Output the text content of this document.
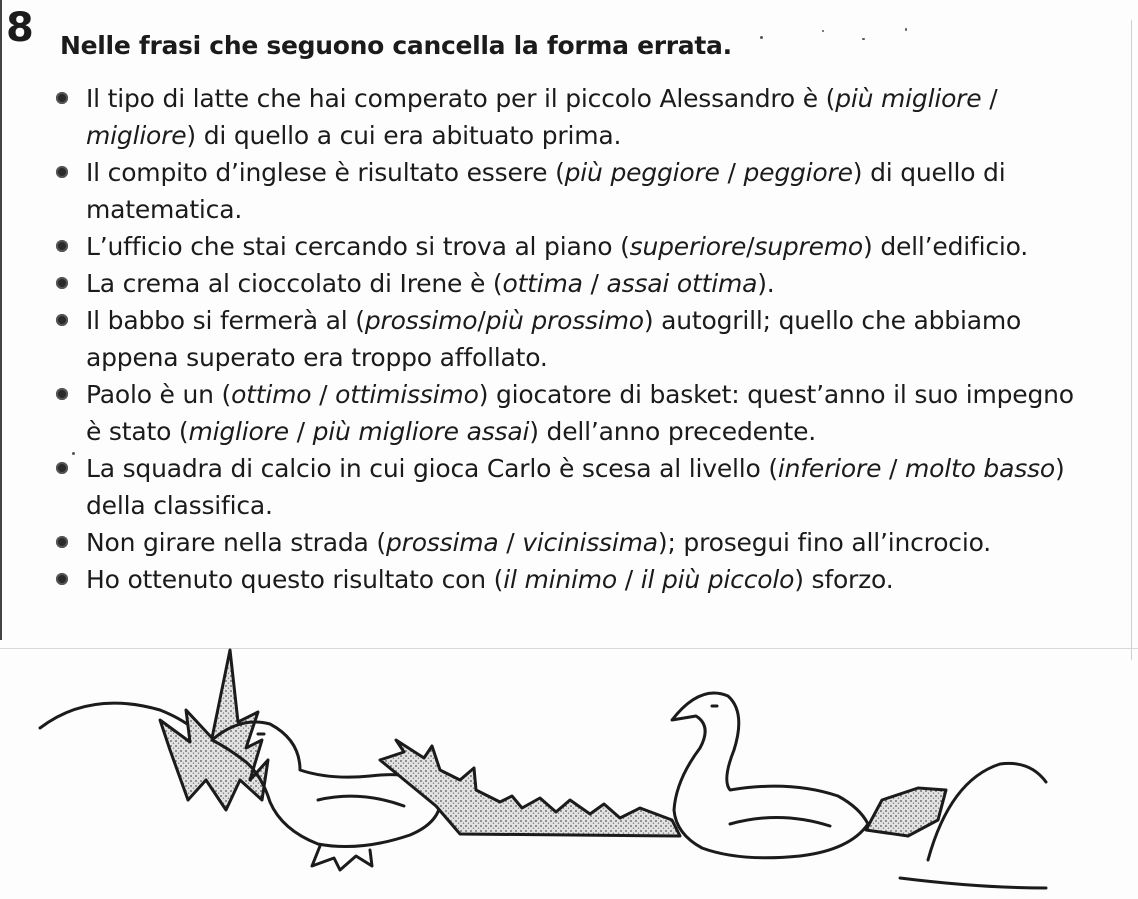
8 Nelle frasi che seguono cancella la forma errata.
Il tipo di latte che hai comperato per il piccolo Alessandro è (più migliore / migliore) di quello a cui era abituato prima.
Il compito d’inglese è risultato essere (più peggiore / peggiore) di quello di matematica.
L’ufficio che stai cercando si trova al piano (superiore/supremo) dell’edificio.
La crema al cioccolato di Irene è (ottima / assai ottima).
Il babbo si fermerà al (prossimo/più prossimo) autogrill; quello che abbiamo appena superato era troppo affollato.
Paolo è un (ottimo / ottimissimo) giocatore di basket: quest’anno il suo impegno è stato (migliore / più migliore assai) dell’anno precedente.
La squadra di calcio in cui gioca Carlo è scesa al livello (inferiore / molto basso) della classifica.
Non girare nella strada (prossima / vicinissima); prosegui fino all’incrocio.
Ho ottenuto questo risultato con (il minimo / il più piccolo) sforzo.
